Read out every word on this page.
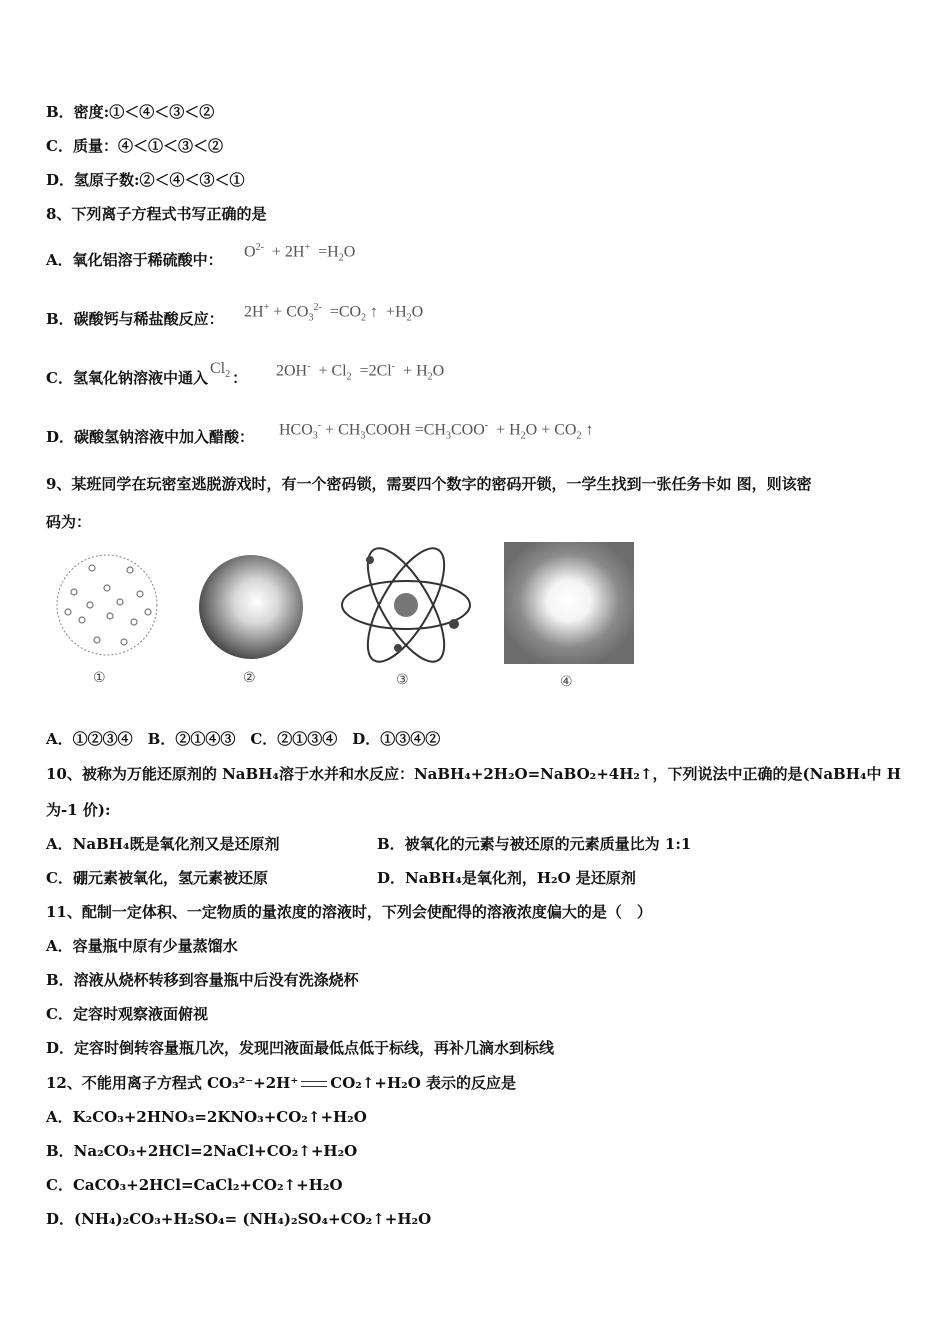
B．密度:①＜④＜③＜②
C．质量：④＜①＜③＜②
D．氢原子数:②＜④＜③＜①
8、下列离子方程式书写正确的是
A．氧化铝溶于稀硫酸中： $O^{2-} + 2H^+ =H_2O$
B．碳酸钙与稀盐酸反应： $2H^+ + CO_3^{2-} =CO_2$ ↑  $+H_2O$
C．氢氧化钠溶液中通入$Cl_2$ ： $2OH^- + Cl_2 =2Cl^- + H_2O$
D．碳酸氢钠溶液中加入醋酸： $HCO_3^-$ + $CH_3COOH =CH_3COO^- + H_2O + CO_2$ ↑
9、某班同学在玩密室逃脱游戏时，有一个密码锁，需要四个数字的密码开锁，一学生找到一张任务卡如 图，则该密
码为：
①	②	③	④
A．①②③④　B．②①④③　C．②①③④　D．①③④②
10、被称为万能还原剂的 NaBH₄溶于水并和水反应：NaBH₄+2H₂O=NaBO₂+4H₂↑，下列说法中正确的是(NaBH₄中 H
为-1 价):
A．NaBH₄既是氧化剂又是还原剂	B．被氧化的元素与被还原的元素质量比为 1:1
C．硼元素被氧化，氢元素被还原	D．NaBH₄是氧化剂，H₂O 是还原剂
11、配制一定体积、一定物质的量浓度的溶液时，下列会使配得的溶液浓度偏大的是（　）
A．容量瓶中原有少量蒸馏水
B．溶液从烧杯转移到容量瓶中后没有洗涤烧杯
C．定容时观察液面俯视
D．定容时倒转容量瓶几次，发现凹液面最低点低于标线，再补几滴水到标线
12、不能用离子方程式 CO₃²⁻+2H⁺ CO₂↑+H₂O 表示的反应是
A．K₂CO₃+2HNO₃=2KNO₃+CO₂↑+H₂O
B．Na₂CO₃+2HCl=2NaCl+CO₂↑+H₂O
C．CaCO₃+2HCl=CaCl₂+CO₂↑+H₂O
D．(NH₄)₂CO₃+H₂SO₄= (NH₄)₂SO₄+CO₂↑+H₂O
